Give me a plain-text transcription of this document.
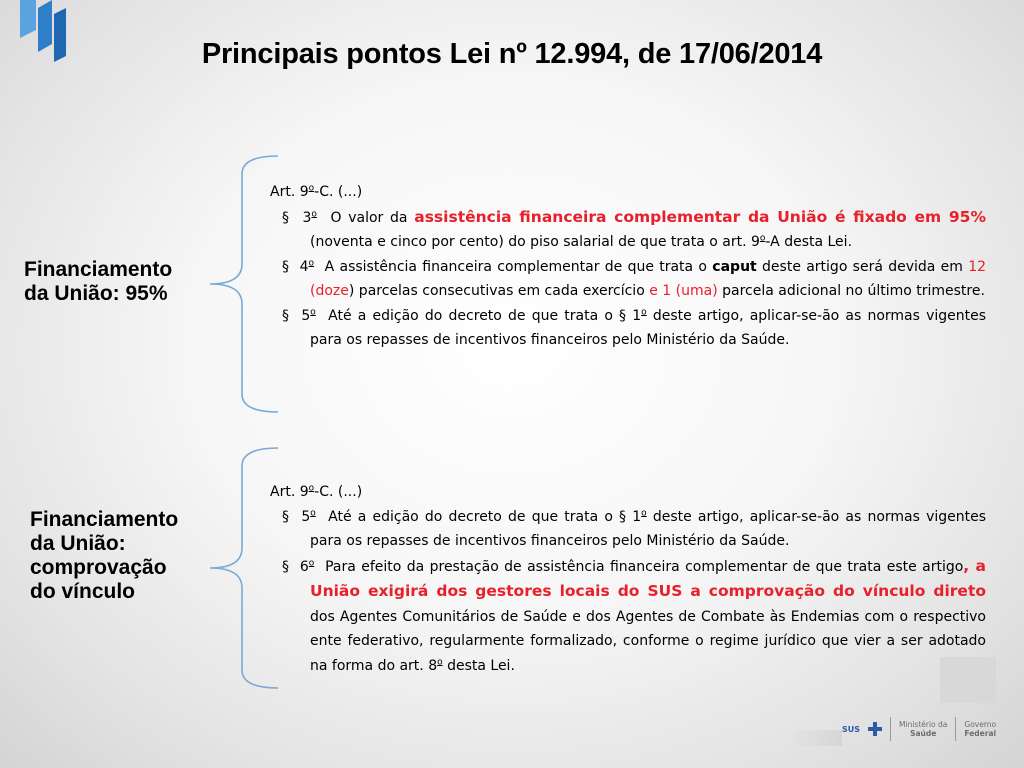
Principais pontos Lei nº 12.994, de 17/06/2014
Financiamento
da União: 95%

Art. 9$^o$-C. (...)

§ 3$^o$ O valor da assistência financeira complementar da União é fixado em 95% (noventa e cinco por cento) do piso salarial de que trata o art. 9$^o$-A desta Lei.

§ 4$^o$ A assistência financeira complementar de que trata o caput deste artigo será devida em 12 (doze) parcelas consecutivas em cada exercício e 1 (uma) parcela adicional no último trimestre.

§ 5$^o$ Até a edição do decreto de que trata o § 1$^o$ deste artigo, aplicar-se-ão as normas vigentes para os repasses de incentivos financeiros pelo Ministério da Saúde.

Financiamento
da União:
comprovação
do vínculo

Art. 9$^o$-C. (...)

§ 5$^o$ Até a edição do decreto de que trata o § 1$^o$ deste artigo, aplicar-se-ão as normas vigentes para os repasses de incentivos financeiros pelo Ministério da Saúde.

§ 6$^o$ Para efeito da prestação de assistência financeira complementar de que trata este artigo, a União exigirá dos gestores locais do SUS a comprovação do vínculo direto dos Agentes Comunitários de Saúde e dos Agentes de Combate às Endemias com o respectivo ente federativo, regularmente formalizado, conforme o regime jurídico que vier a ser adotado na forma do art. 8$^o$ desta Lei.

SUS	Ministério da
Saúde
Governo
Federal
